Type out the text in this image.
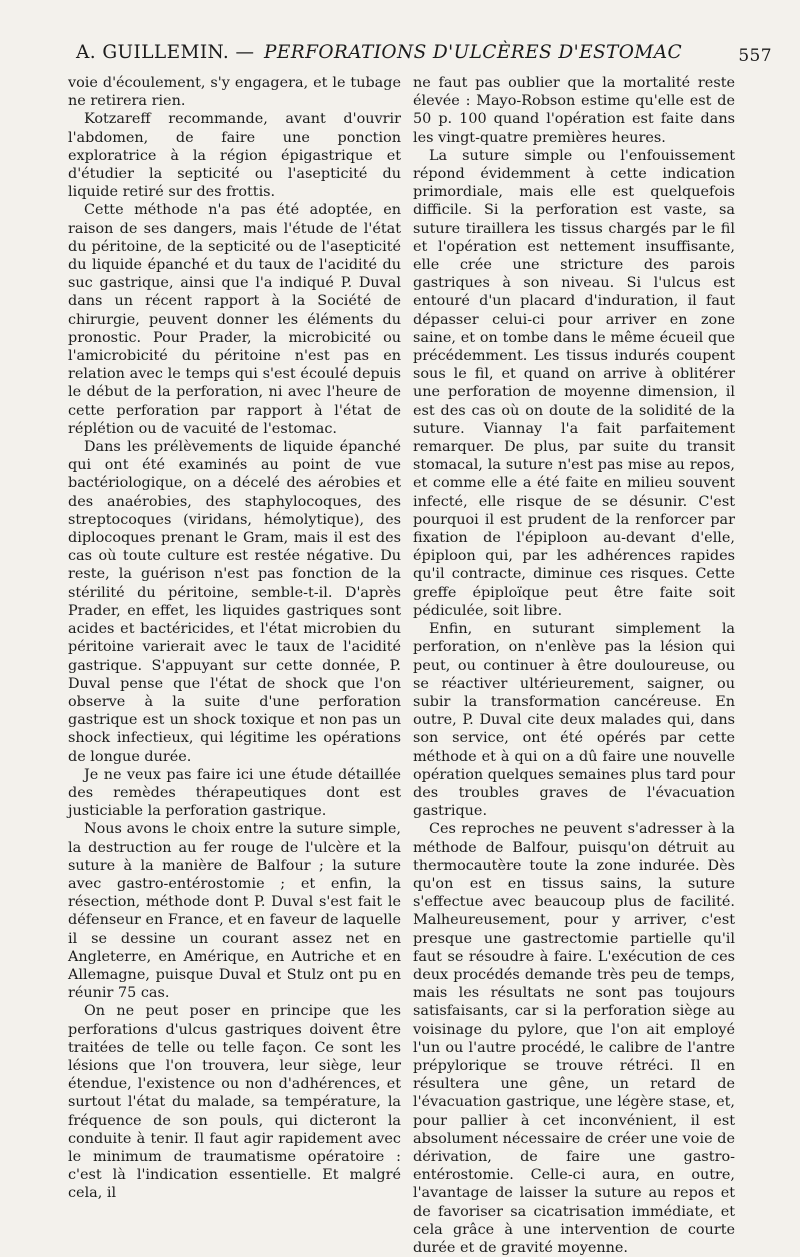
A. GUILLEMIN. — PERFORATIONS D'ULCÈRES D'ESTOMAC	557

voie d'écoulement, s'y engagera, et le tubage ne retirera rien.

Kotzareff recommande, avant d'ouvrir l'abdomen, de faire une ponction exploratrice à la région épigastrique et d'étudier la septicité ou l'asepticité du liquide retiré sur des frottis.

Cette méthode n'a pas été adoptée, en raison de ses dangers, mais l'étude de l'état du péritoine, de la septicité ou de l'asepticité du liquide épanché et du taux de l'acidité du suc gastrique, ainsi que l'a indiqué P. Duval dans un récent rapport à la Société de chirurgie, peuvent donner les éléments du pronostic. Pour Prader, la microbicité ou l'amicrobicité du péritoine n'est pas en relation avec le temps qui s'est écoulé depuis le début de la perforation, ni avec l'heure de cette perforation par rapport à l'état de réplétion ou de vacuité de l'estomac.

Dans les prélèvements de liquide épanché qui ont été examinés au point de vue bactériologique, on a décelé des aérobies et des anaérobies, des staphylocoques, des streptocoques (viridans, hémolytique), des diplocoques prenant le Gram, mais il est des cas où toute culture est restée négative. Du reste, la guérison n'est pas fonction de la stérilité du péritoine, semble-t-il. D'après Prader, en effet, les liquides gastriques sont acides et bactéricides, et l'état microbien du péritoine varierait avec le taux de l'acidité gastrique. S'appuyant sur cette donnée, P. Duval pense que l'état de shock que l'on observe à la suite d'une perforation gastrique est un shock toxique et non pas un shock infectieux, qui légitime les opérations de longue durée.

Je ne veux pas faire ici une étude détaillée des remèdes thérapeutiques dont est justiciable la perforation gastrique.

Nous avons le choix entre la suture simple, la destruction au fer rouge de l'ulcère et la suture à la manière de Balfour ; la suture avec gastro-entérostomie ; et enfin, la résection, méthode dont P. Duval s'est fait le défenseur en France, et en faveur de laquelle il se dessine un courant assez net en Angleterre, en Amérique, en Autriche et en Allemagne, puisque Duval et Stulz ont pu en réunir 75 cas.

On ne peut poser en principe que les perforations d'ulcus gastriques doivent être traitées de telle ou telle façon. Ce sont les lésions que l'on trouvera, leur siège, leur étendue, l'existence ou non d'adhérences, et surtout l'état du malade, sa température, la fréquence de son pouls, qui dicteront la conduite à tenir. Il faut agir rapidement avec le minimum de traumatisme opératoire : c'est là l'indication essentielle. Et malgré cela, il

ne faut pas oublier que la mortalité reste élevée : Mayo-Robson estime qu'elle est de 50 p. 100 quand l'opération est faite dans les vingt-quatre premières heures.

La suture simple ou l'enfouissement répond évidemment à cette indication primordiale, mais elle est quelquefois difficile. Si la perforation est vaste, sa suture tiraillera les tissus chargés par le fil et l'opération est nettement insuffisante, elle crée une stricture des parois gastriques à son niveau. Si l'ulcus est entouré d'un placard d'induration, il faut dépasser celui-ci pour arriver en zone saine, et on tombe dans le même écueil que précédemment. Les tissus indurés coupent sous le fil, et quand on arrive à oblitérer une perforation de moyenne dimension, il est des cas où on doute de la solidité de la suture. Viannay l'a fait parfaitement remarquer. De plus, par suite du transit stomacal, la suture n'est pas mise au repos, et comme elle a été faite en milieu souvent infecté, elle risque de se désunir. C'est pourquoi il est prudent de la renforcer par fixation de l'épiploon au-devant d'elle, épiploon qui, par les adhérences rapides qu'il contracte, diminue ces risques. Cette greffe épiploïque peut être faite soit pédiculée, soit libre.

Enfin, en suturant simplement la perforation, on n'enlève pas la lésion qui peut, ou continuer à être douloureuse, ou se réactiver ultérieurement, saigner, ou subir la transformation cancéreuse. En outre, P. Duval cite deux malades qui, dans son service, ont été opérés par cette méthode et à qui on a dû faire une nouvelle opération quelques semaines plus tard pour des troubles graves de l'évacuation gastrique.

Ces reproches ne peuvent s'adresser à la méthode de Balfour, puisqu'on détruit au thermocautère toute la zone indurée. Dès qu'on est en tissus sains, la suture s'effectue avec beaucoup plus de facilité. Malheureusement, pour y arriver, c'est presque une gastrectomie partielle qu'il faut se résoudre à faire. L'exécution de ces deux procédés demande très peu de temps, mais les résultats ne sont pas toujours satisfaisants, car si la perforation siège au voisinage du pylore, que l'on ait employé l'un ou l'autre procédé, le calibre de l'antre prépylorique se trouve rétréci. Il en résultera une gêne, un retard de l'évacuation gastrique, une légère stase, et, pour pallier à cet inconvénient, il est absolument nécessaire de créer une voie de dérivation, de faire une gastro-entérostomie. Celle-ci aura, en outre, l'avantage de laisser la suture au repos et de favoriser sa cicatrisation immédiate, et cela grâce à une intervention de courte durée et de gravité moyenne.
